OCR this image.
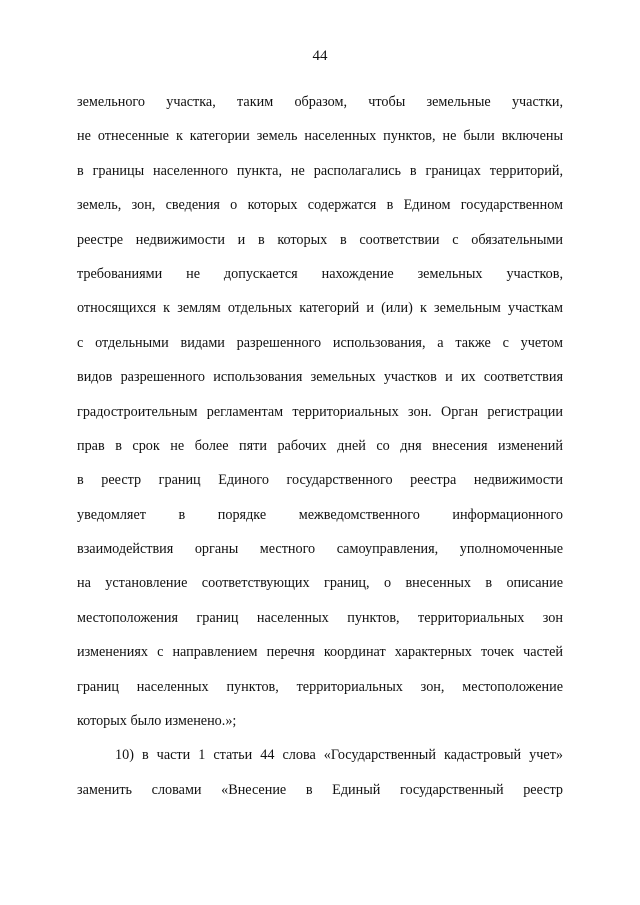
44
земельного участка, таким образом, чтобы земельные участки,
не отнесенные к категории земель населенных пунктов, не были включены
в границы населенного пункта, не располагались в границах территорий,
земель, зон, сведения о которых содержатся в Едином государственном
реестре недвижимости и в которых в соответствии с обязательными
требованиями не допускается нахождение земельных участков,
относящихся к землям отдельных категорий и (или) к земельным участкам
с отдельными видами разрешенного использования, а также с учетом
видов разрешенного использования земельных участков и их соответствия
градостроительным регламентам территориальных зон. Орган регистрации
прав в срок не более пяти рабочих дней со дня внесения изменений
в реестр границ Единого государственного реестра недвижимости
уведомляет в порядке межведомственного информационного
взаимодействия органы местного самоуправления, уполномоченные
на установление соответствующих границ, о внесенных в описание
местоположения границ населенных пунктов, территориальных зон
изменениях с направлением перечня координат характерных точек частей
границ населенных пунктов, территориальных зон, местоположение
которых было изменено.»;
10) в части 1 статьи 44 слова «Государственный кадастровый учет»
заменить словами «Внесение в Единый государственный реестр
